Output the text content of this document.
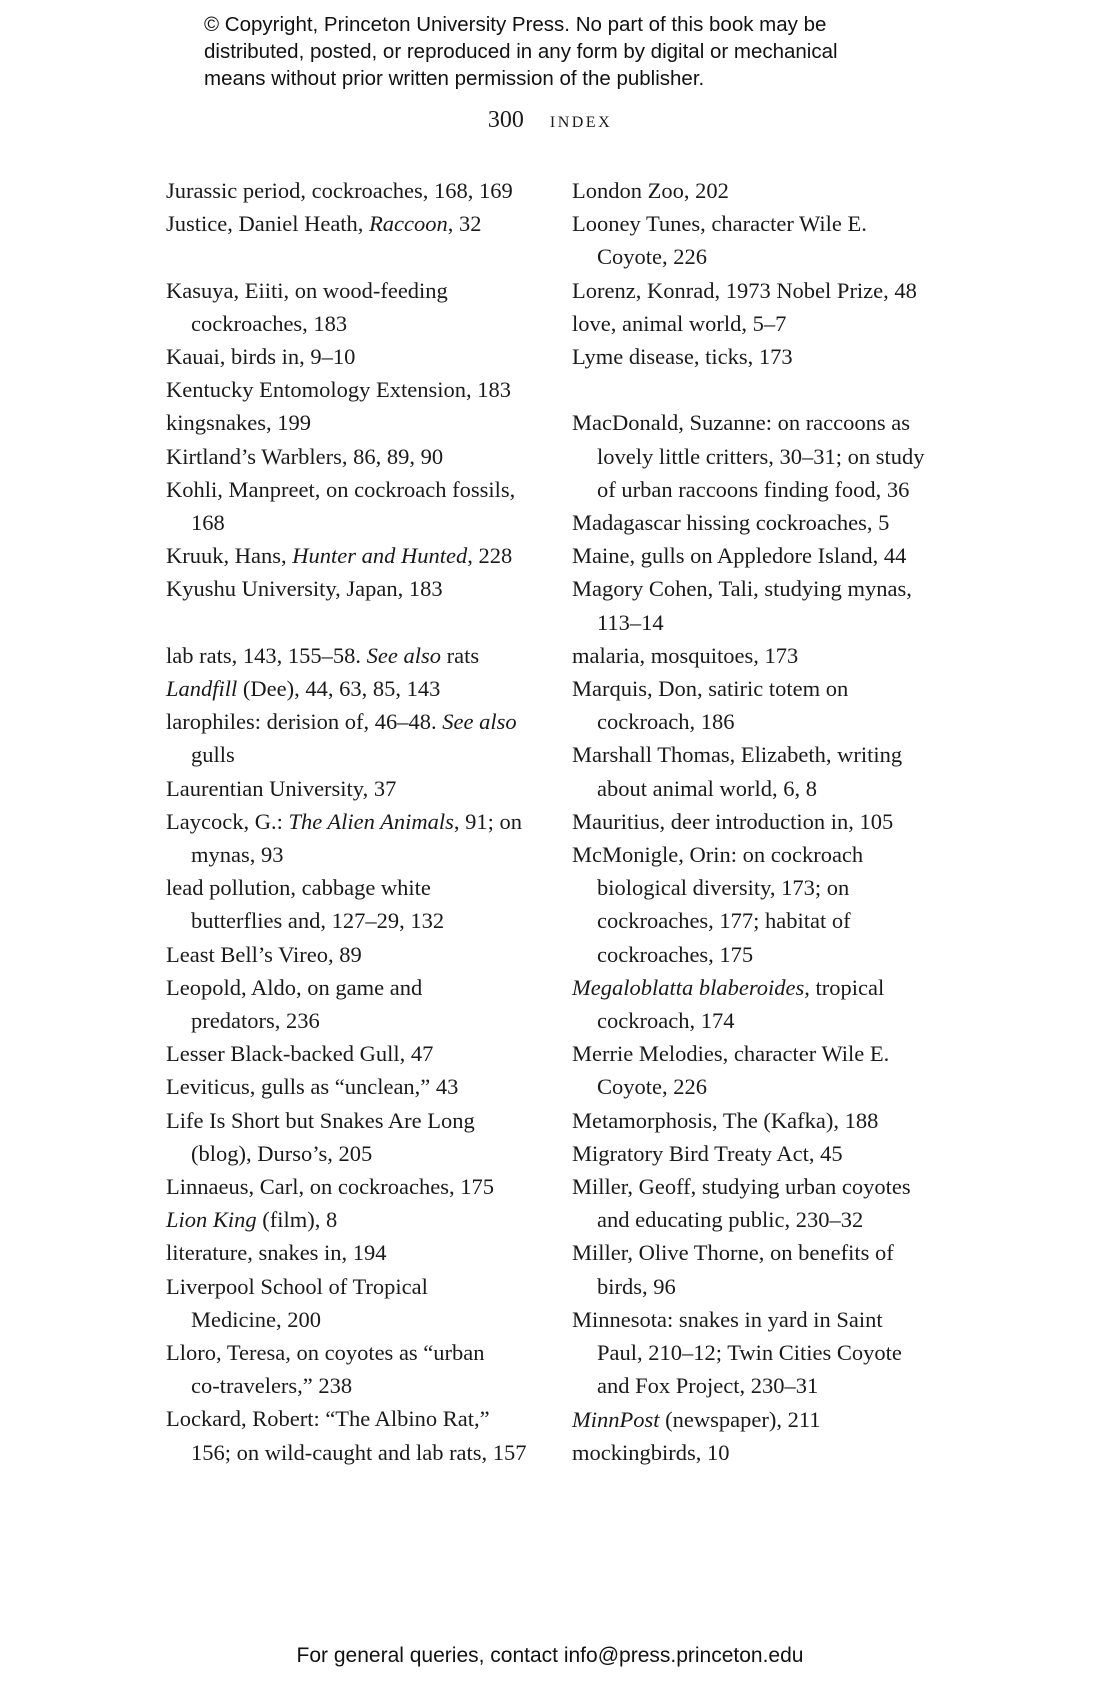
© Copyright, Princeton University Press. No part of this book may be
distributed, posted, or reproduced in any form by digital or mechanical
means without prior written permission of the publisher.
300 index
Jurassic period, cockroaches, 168, 169
Justice, Daniel Heath, Raccoon, 32
Kasuya, Eiiti, on wood-feeding
cockroaches, 183
Kauai, birds in, 9–10
Kentucky Entomology Extension, 183
kingsnakes, 199
Kirtland’s Warblers, 86, 89, 90
Kohli, Manpreet, on cockroach fossils,
168
Kruuk, Hans, Hunter and Hunted, 228
Kyushu University, Japan, 183
lab rats, 143, 155–58. See also rats
Landfill (Dee), 44, 63, 85, 143
larophiles: derision of, 46–48. See also
gulls
Laurentian University, 37
Laycock, G.: The Alien Animals, 91; on
mynas, 93
lead pollution, cabbage white
butterflies and, 127–29, 132
Least Bell’s Vireo, 89
Leopold, Aldo, on game and
predators, 236
Lesser Black-backed Gull, 47
Leviticus, gulls as “unclean,” 43
Life Is Short but Snakes Are Long
(blog), Durso’s, 205
Linnaeus, Carl, on cockroaches, 175
Lion King (film), 8
literature, snakes in, 194
Liverpool School of Tropical
Medicine, 200
Lloro, Teresa, on coyotes as “urban
co-travelers,” 238
Lockard, Robert: “The Albino Rat,”
156; on wild-caught and lab rats, 157
London Zoo, 202
Looney Tunes, character Wile E.
Coyote, 226
Lorenz, Konrad, 1973 Nobel Prize, 48
love, animal world, 5–7
Lyme disease, ticks, 173
MacDonald, Suzanne: on raccoons as
lovely little critters, 30–31; on study
of urban raccoons finding food, 36
Madagascar hissing cockroaches, 5
Maine, gulls on Appledore Island, 44
Magory Cohen, Tali, studying mynas,
113–14
malaria, mosquitoes, 173
Marquis, Don, satiric totem on
cockroach, 186
Marshall Thomas, Elizabeth, writing
about animal world, 6, 8
Mauritius, deer introduction in, 105
McMonigle, Orin: on cockroach
biological diversity, 173; on
cockroaches, 177; habitat of
cockroaches, 175
Megaloblatta blaberoides, tropical
cockroach, 174
Merrie Melodies, character Wile E.
Coyote, 226
Metamorphosis, The (Kafka), 188
Migratory Bird Treaty Act, 45
Miller, Geoff, studying urban coyotes
and educating public, 230–32
Miller, Olive Thorne, on benefits of
birds, 96
Minnesota: snakes in yard in Saint
Paul, 210–12; Twin Cities Coyote
and Fox Project, 230–31
MinnPost (newspaper), 211
mockingbirds, 10
For general queries, contact info@press.princeton.edu
